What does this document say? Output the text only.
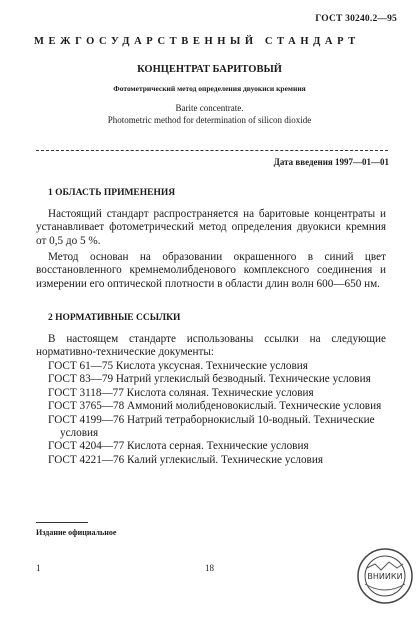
ГОСТ 30240.2—95
МЕЖГОСУДАРСТВЕННЫЙ СТАНДАРТ
КОНЦЕНТРАТ БАРИТОВЫЙ
Фотометрический метод определения двуокиси кремния
Barite concentrate.
Photometric method for determination of silicon dioxide
Дата введения 1997—01—01
1 ОБЛАСТЬ ПРИМЕНЕНИЯ
Настоящий стандарт распространяется на баритовые концентраты и устанавливает фотометрический метод определения двуокиси кремния от 0,5 до 5 %.
Метод основан на образовании окрашенного в синий цвет восстановленного кремнемолибденового комплексного соединения и измерении его оптической плотности в области длин волн 600—650 нм.
2 НОРМАТИВНЫЕ ССЫЛКИ
В настоящем стандарте использованы ссылки на следующие нормативно-технические документы:
ГОСТ 61—75 Кислота уксусная. Технические условия
ГОСТ 83—79 Натрий углекислый безводный. Технические условия
ГОСТ 3118—77 Кислота соляная. Технические условия
ГОСТ 3765—78 Аммоний молибденовокислый. Технические условия
ГОСТ 4199—76 Натрий тетраборнокислый 10-водный. Технические условия
ГОСТ 4204—77 Кислота серная. Технические условия
ГОСТ 4221—76 Калий углекислый. Технические условия
Издание официальное
1	18
ВНИИКИ
